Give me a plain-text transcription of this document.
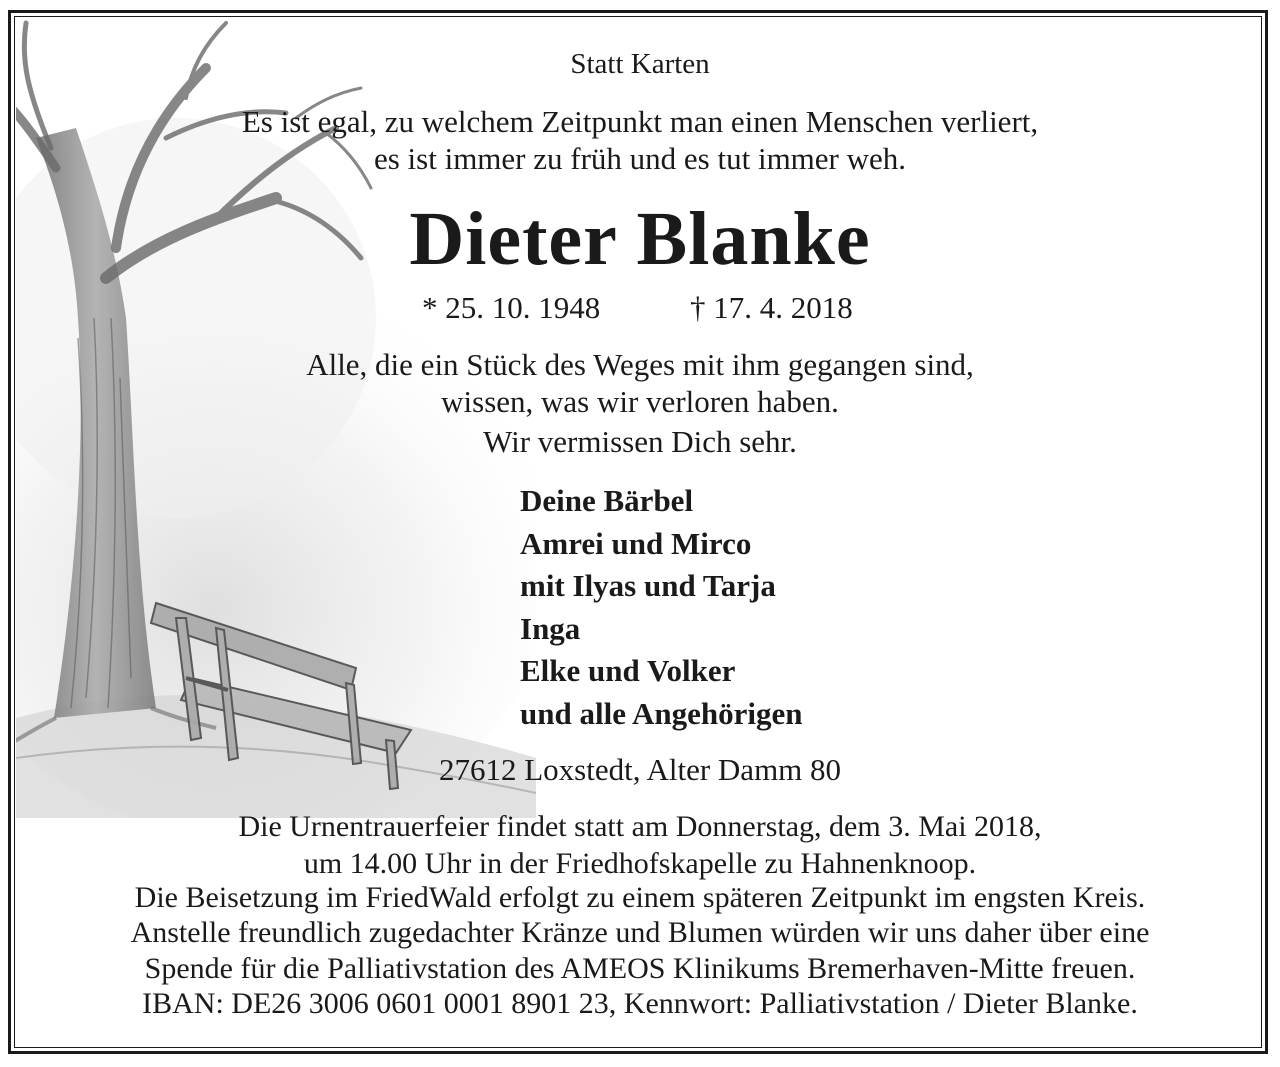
Statt Karten
Es ist egal, zu welchem Zeitpunkt man einen Menschen verliert,
es ist immer zu früh und es tut immer weh.
Dieter Blanke
* 25. 10. 1948	† 17. 4. 2018
Alle, die ein Stück des Weges mit ihm gegangen sind,
wissen, was wir verloren haben.
Wir vermissen Dich sehr.
Deine Bärbel
Amrei und Mirco
mit Ilyas und Tarja
Inga
Elke und Volker
und alle Angehörigen
27612 Loxstedt, Alter Damm 80
Die Urnentrauerfeier findet statt am Donnerstag, dem 3. Mai 2018,
um 14.00 Uhr in der Friedhofskapelle zu Hahnenknoop.
Die Beisetzung im FriedWald erfolgt zu einem späteren Zeitpunkt im engsten Kreis.
Anstelle freundlich zugedachter Kränze und Blumen würden wir uns daher über eine
Spende für die Palliativstation des AMEOS Klinikums Bremerhaven-Mitte freuen.
IBAN: DE26 3006 0601 0001 8901 23, Kennwort: Palliativstation / Dieter Blanke.
